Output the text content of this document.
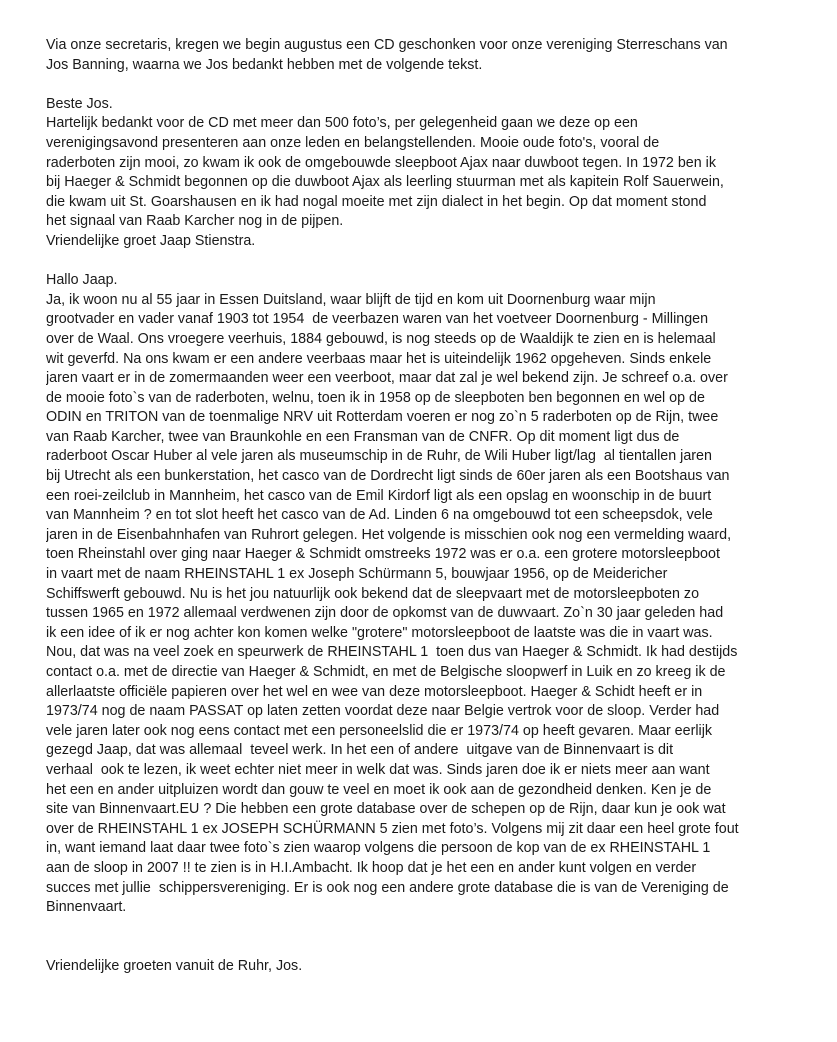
Via onze secretaris, kregen we begin augustus een CD geschonken voor onze vereniging Sterreschans van
Jos Banning, waarna we Jos bedankt hebben met de volgende tekst.
Beste Jos.
Hartelijk bedankt voor de CD met meer dan 500 foto’s, per gelegenheid gaan we deze op een
verenigingsavond presenteren aan onze leden en belangstellenden. Mooie oude foto's, vooral de
raderboten zijn mooi, zo kwam ik ook de omgebouwde sleepboot Ajax naar duwboot tegen. In 1972 ben ik
bij Haeger & Schmidt begonnen op die duwboot Ajax als leerling stuurman met als kapitein Rolf Sauerwein,
die kwam uit St. Goarshausen en ik had nogal moeite met zijn dialect in het begin. Op dat moment stond
het signaal van Raab Karcher nog in de pijpen.
Vriendelijke groet Jaap Stienstra.
Hallo Jaap.
Ja, ik woon nu al 55 jaar in Essen Duitsland, waar blijft de tijd en kom uit Doornenburg waar mijn
grootvader en vader vanaf 1903 tot 1954  de veerbazen waren van het voetveer Doornenburg - Millingen
over de Waal. Ons vroegere veerhuis, 1884 gebouwd, is nog steeds op de Waaldijk te zien en is helemaal
wit geverfd. Na ons kwam er een andere veerbaas maar het is uiteindelijk 1962 opgeheven. Sinds enkele
jaren vaart er in de zomermaanden weer een veerboot, maar dat zal je wel bekend zijn. Je schreef o.a. over
de mooie foto`s van de raderboten, welnu, toen ik in 1958 op de sleepboten ben begonnen en wel op de
ODIN en TRITON van de toenmalige NRV uit Rotterdam voeren er nog zo`n 5 raderboten op de Rijn, twee
van Raab Karcher, twee van Braunkohle en een Fransman van de CNFR. Op dit moment ligt dus de
raderboot Oscar Huber al vele jaren als museumschip in de Ruhr, de Wili Huber ligt/lag  al tientallen jaren
bij Utrecht als een bunkerstation, het casco van de Dordrecht ligt sinds de 60er jaren als een Bootshaus van
een roei-zeilclub in Mannheim, het casco van de Emil Kirdorf ligt als een opslag en woonschip in de buurt
van Mannheim ? en tot slot heeft het casco van de Ad. Linden 6 na omgebouwd tot een scheepsdok, vele
jaren in de Eisenbahnhafen van Ruhrort gelegen. Het volgende is misschien ook nog een vermelding waard,
toen Rheinstahl over ging naar Haeger & Schmidt omstreeks 1972 was er o.a. een grotere motorsleepboot
in vaart met de naam RHEINSTAHL 1 ex Joseph Schürmann 5, bouwjaar 1956, op de Meidericher
Schiffswerft gebouwd. Nu is het jou natuurlijk ook bekend dat de sleepvaart met de motorsleepboten zo
tussen 1965 en 1972 allemaal verdwenen zijn door de opkomst van de duwvaart. Zo`n 30 jaar geleden had
ik een idee of ik er nog achter kon komen welke "grotere" motorsleepboot de laatste was die in vaart was.
Nou, dat was na veel zoek en speurwerk de RHEINSTAHL 1  toen dus van Haeger & Schmidt. Ik had destijds
contact o.a. met de directie van Haeger & Schmidt, en met de Belgische sloopwerf in Luik en zo kreeg ik de
allerlaatste officiële papieren over het wel en wee van deze motorsleepboot. Haeger & Schidt heeft er in
1973/74 nog de naam PASSAT op laten zetten voordat deze naar Belgie vertrok voor de sloop. Verder had
vele jaren later ook nog eens contact met een personeelslid die er 1973/74 op heeft gevaren. Maar eerlijk
gezegd Jaap, dat was allemaal  teveel werk. In het een of andere  uitgave van de Binnenvaart is dit
verhaal  ook te lezen, ik weet echter niet meer in welk dat was. Sinds jaren doe ik er niets meer aan want
het een en ander uitpluizen wordt dan gouw te veel en moet ik ook aan de gezondheid denken. Ken je de
site van Binnenvaart.EU ? Die hebben een grote database over de schepen op de Rijn, daar kun je ook wat
over de RHEINSTAHL 1 ex JOSEPH SCHÜRMANN 5 zien met foto’s. Volgens mij zit daar een heel grote fout
in, want iemand laat daar twee foto`s zien waarop volgens die persoon de kop van de ex RHEINSTAHL 1
aan de sloop in 2007 !! te zien is in H.I.Ambacht. Ik hoop dat je het een en ander kunt volgen en verder
succes met jullie  schippersvereniging. Er is ook nog een andere grote database die is van de Vereniging de
Binnenvaart.
Vriendelijke groeten vanuit de Ruhr, Jos.
